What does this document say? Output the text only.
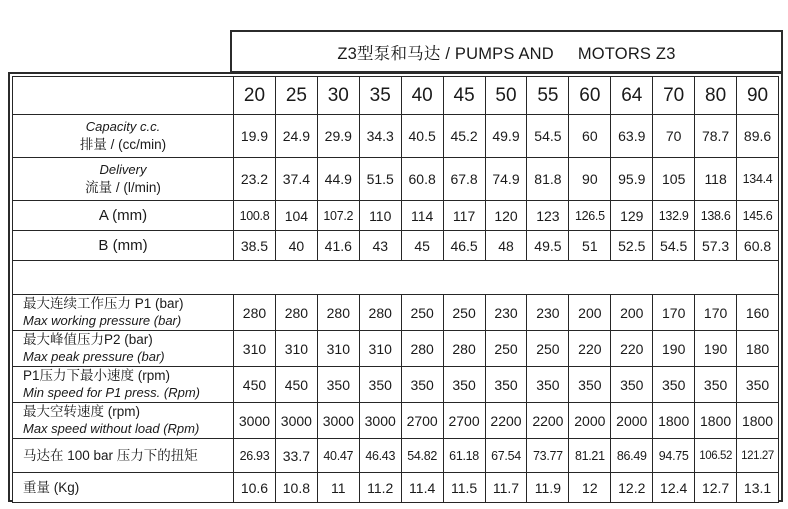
Z3型泵和马达 / PUMPS AND     MOTORS Z3
	20	25	30	35	40	45	50	55	60	64	70	80	90

Capacity c.c.
排量 / (cc/min)	19.9	24.9	29.9	34.3	40.5	45.2	49.9	54.5	60	63.9	70	78.7	89.6

Delivery
流量 / (l/min)	23.2	37.4	44.9	51.5	60.8	67.8	74.9	81.8	90	95.9	105	118	134.4

A (mm)	100.8	104	107.2	110	114	117	120	123	126.5	129	132.9	138.6	145.6

B (mm)	38.5	40	41.6	43	45	46.5	48	49.5	51	52.5	54.5	57.3	60.8

最大连续工作压力 P1 (bar)
Max working pressure (bar)	280	280	280	280	250	250	230	230	200	200	170	170	160

最大峰值压力P2 (bar)
Max peak pressure (bar)	310	310	310	310	280	280	250	250	220	220	190	190	180

P1压力下最小速度 (rpm)
Min speed for P1 press. (Rpm)	450	450	350	350	350	350	350	350	350	350	350	350	350

最大空转速度 (rpm)
Max speed without load (Rpm)	3000	3000	3000	3000	2700	2700	2200	2200	2000	2000	1800	1800	1800

马达在 100 bar 压力下的扭矩	26.93	33.7	40.47	46.43	54.82	61.18	67.54	73.77	81.21	86.49	94.75	106.52	121.27

重量 (Kg)	10.6	10.8	11	11.2	11.4	11.5	11.7	11.9	12	12.2	12.4	12.7	13.1
